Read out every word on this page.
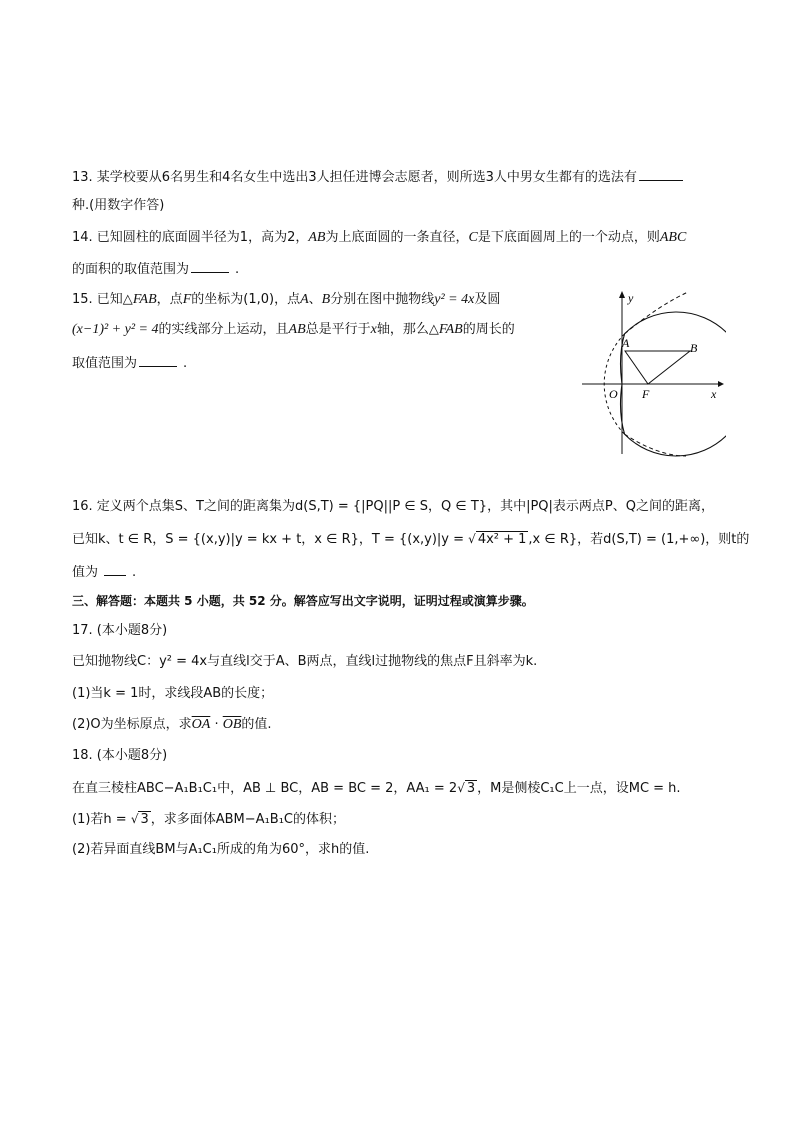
13. 某学校要从6名男生和4名女生中选出3人担任进博会志愿者，则所选3人中男女生都有的选法有
种.(用数字作答)
14. 已知圆柱的底面圆半径为1，高为2，AB为上底面圆的一条直径，C是下底面圆周上的一个动点，则ABC
的面积的取值范围为	.
15. 已知△FAB，点F的坐标为(1,0)，点A、B分别在图中抛物线y² = 4x及圆
(x−1)² + y² = 4的实线部分上运动，且AB总是平行于x轴，那么△FAB的周长的
取值范围为	.
y
x
O
A	B
F
16. 定义两个点集S、T之间的距离集为d(S,T) = {|PQ||P ∈ S，Q ∈ T}，其中|PQ|表示两点P、Q之间的距离，
已知k、t ∈ R，S = {(x,y)|y = kx + t，x ∈ R}，T = {(x,y)|y = √ 4x² + 1 ,x ∈ R}，若d(S,T) = (1,+∞)，则t的
值为	.
三、解答题：本题共 5 小题，共 52 分。解答应写出文字说明，证明过程或演算步骤。
17. (本小题8分)
已知抛物线C：y² = 4x与直线l交于A、B两点，直线l过抛物线的焦点F且斜率为k.
(1)当k = 1时，求线段AB的长度；
(2)O为坐标原点，求$\overline{OA} \cdot \overline{OB}$的值.
18. (本小题8分)
在直三棱柱ABC−A₁B₁C₁中，AB ⊥ BC，AB = BC = 2，AA₁ = 2√ 3 ，M是侧棱C₁C上一点，设MC = h.
(1)若h = √ 3 ，求多面体ABM−A₁B₁C的体积；
(2)若异面直线BM与A₁C₁所成的角为60°，求h的值.
